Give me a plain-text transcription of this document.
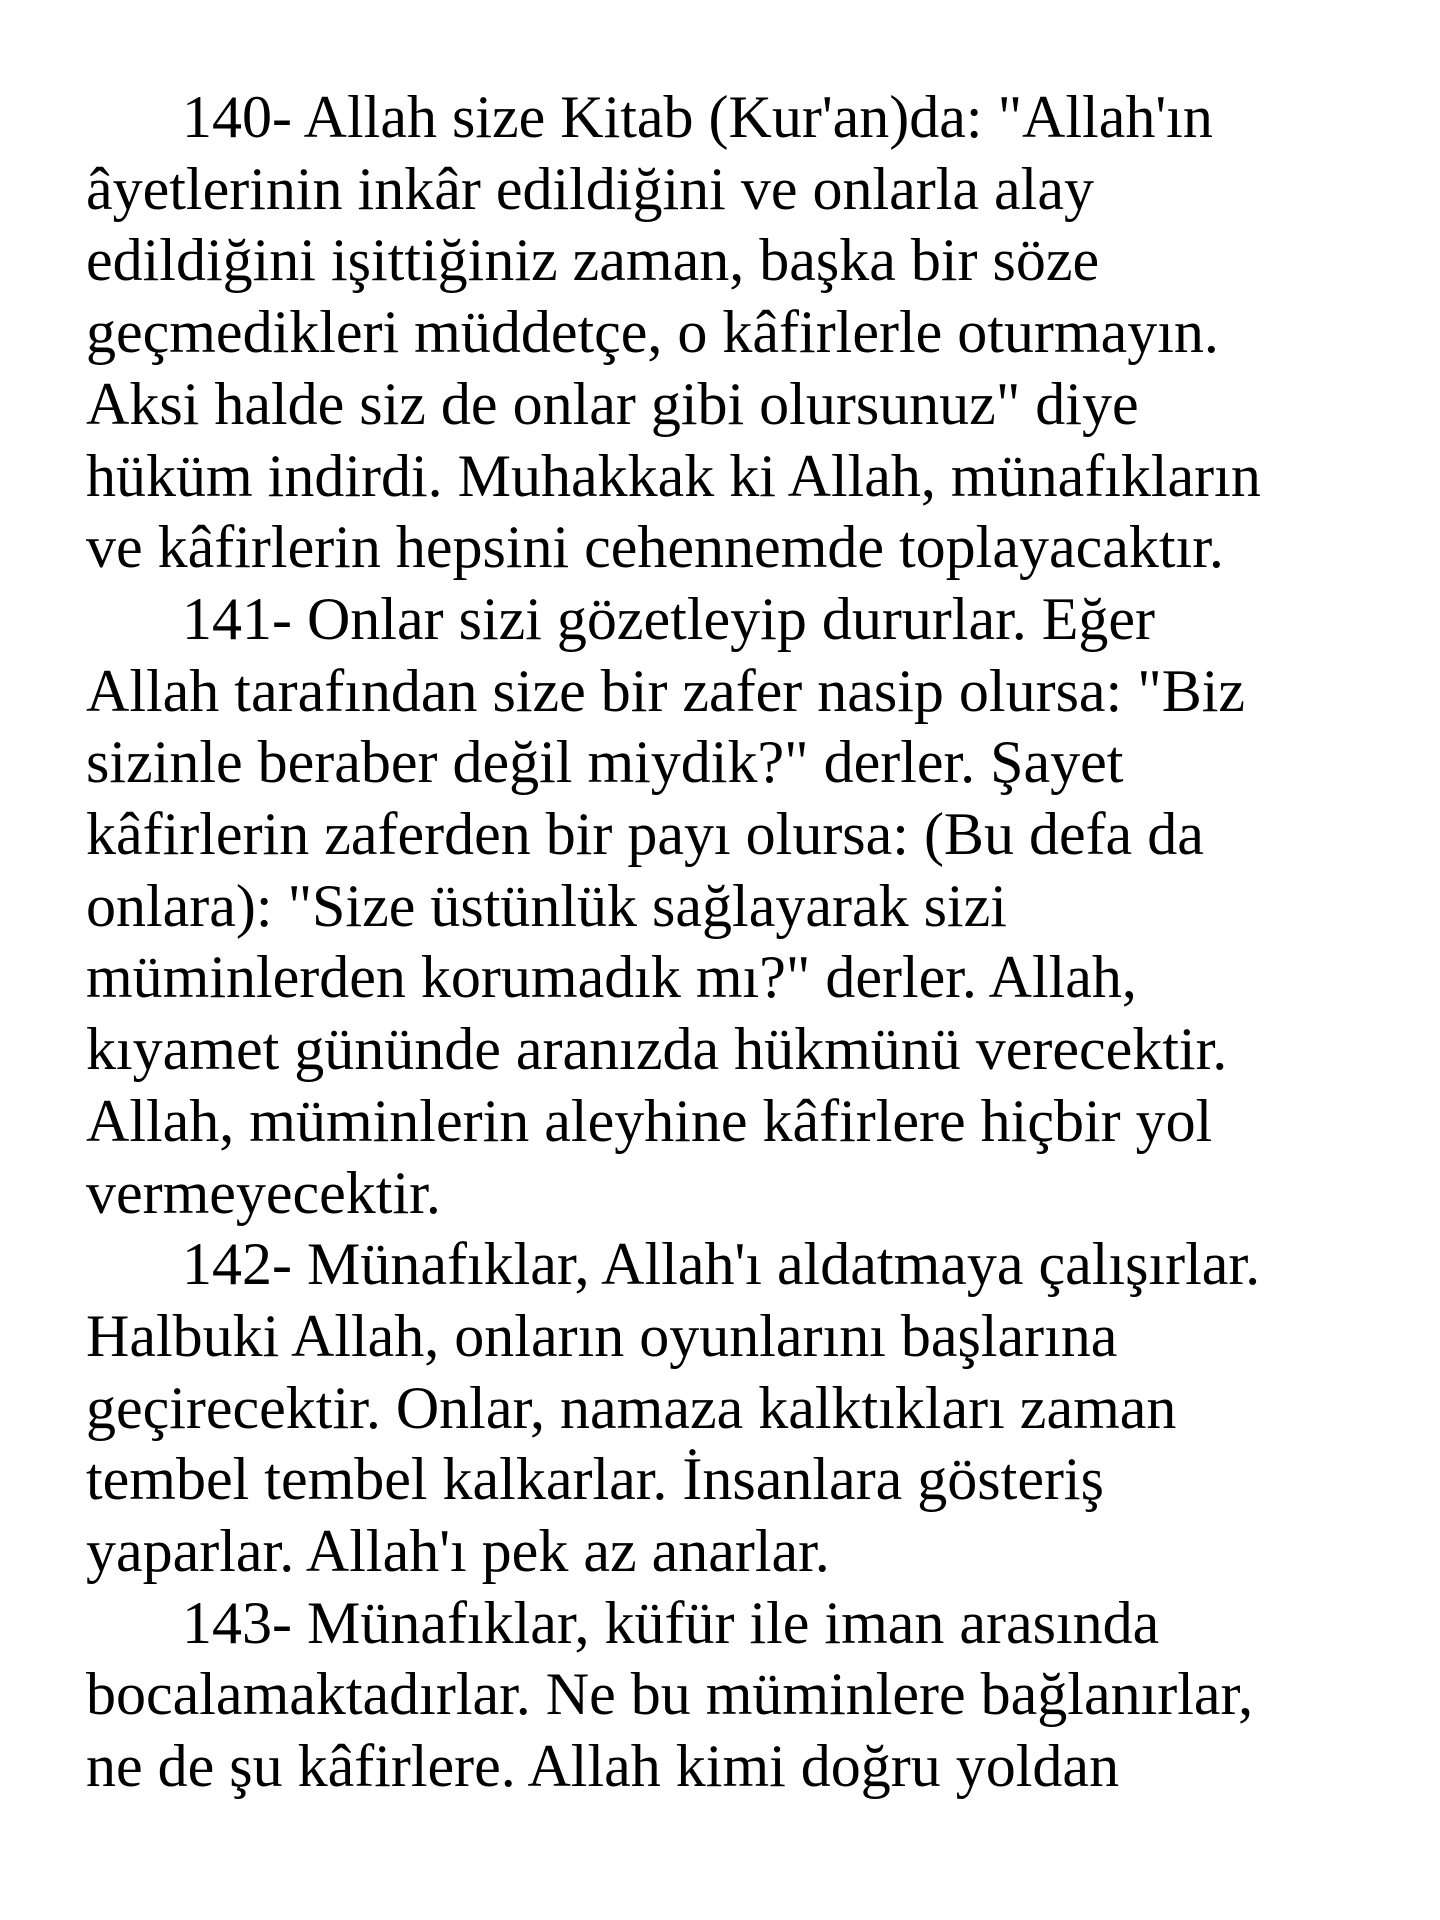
140- Allah size Kitab (Kur'an)da: "Allah'ın
âyetlerinin inkâr edildiğini ve onlarla alay
edildiğini işittiğiniz zaman, başka bir söze
geçmedikleri müddetçe, o kâfirlerle oturmayın.
Aksi halde siz de onlar gibi olursunuz" diye
hüküm indirdi. Muhakkak ki Allah, münafıkların
ve kâfirlerin hepsini cehennemde toplayacaktır.

141- Onlar sizi gözetleyip dururlar. Eğer
Allah tarafından size bir zafer nasip olursa: "Biz
sizinle beraber değil miydik?" derler. Şayet
kâfirlerin zaferden bir payı olursa: (Bu defa da
onlara): "Size üstünlük sağlayarak sizi
müminlerden korumadık mı?" derler. Allah,
kıyamet gününde aranızda hükmünü verecektir.
Allah, müminlerin aleyhine kâfirlere hiçbir yol
vermeyecektir.

142- Münafıklar, Allah'ı aldatmaya çalışırlar.
Halbuki Allah, onların oyunlarını başlarına
geçirecektir. Onlar, namaza kalktıkları zaman
tembel tembel kalkarlar. İnsanlara gösteriş
yaparlar. Allah'ı pek az anarlar.

143- Münafıklar, küfür ile iman arasında
bocalamaktadırlar. Ne bu müminlere bağlanırlar,
ne de şu kâfirlere. Allah kimi doğru yoldan
